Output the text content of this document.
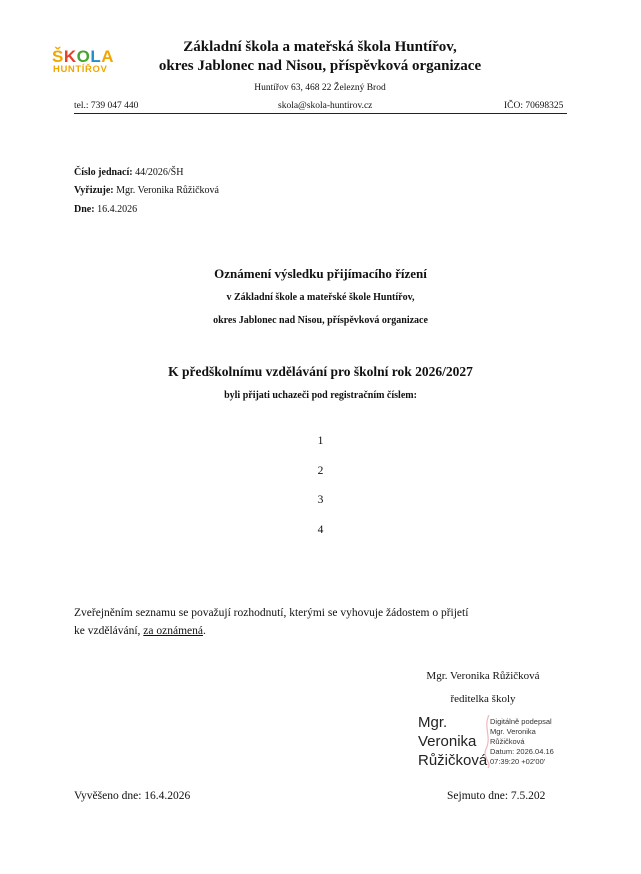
ŠKOLA
HUNTÍŘOV
Základní škola a mateřská škola Huntířov,
okres Jablonec nad Nisou, příspěvková organizace
Huntířov 63, 468 22 Železný Brod
tel.: 739 047 440	skola@skola-huntirov.cz	IČO: 70698325
Číslo jednací: 44/2026/ŠH
Vyřizuje: Mgr. Veronika Růžičková
Dne: 16.4.2026
Oznámení výsledku přijímacího řízení
v Základní škole a mateřské škole Huntířov,
okres Jablonec nad Nisou, příspěvková organizace
K předškolnímu vzdělávání pro školní rok 2026/2027
byli přijati uchazeči pod registračním číslem:
1
2
3
4
Zveřejněním seznamu se považují rozhodnutí, kterými se vyhovuje žádostem o přijetí
ke vzdělávání, za oznámená.
Mgr. Veronika Růžičková
ředitelka školy
Mgr.
Veronika
Růžičková
Digitálně podepsal
Mgr. Veronika
Růžičková
Datum: 2026.04.16
07:39:20 +02'00'
Vyvěšeno dne: 16.4.2026	Sejmuto dne: 7.5.202
